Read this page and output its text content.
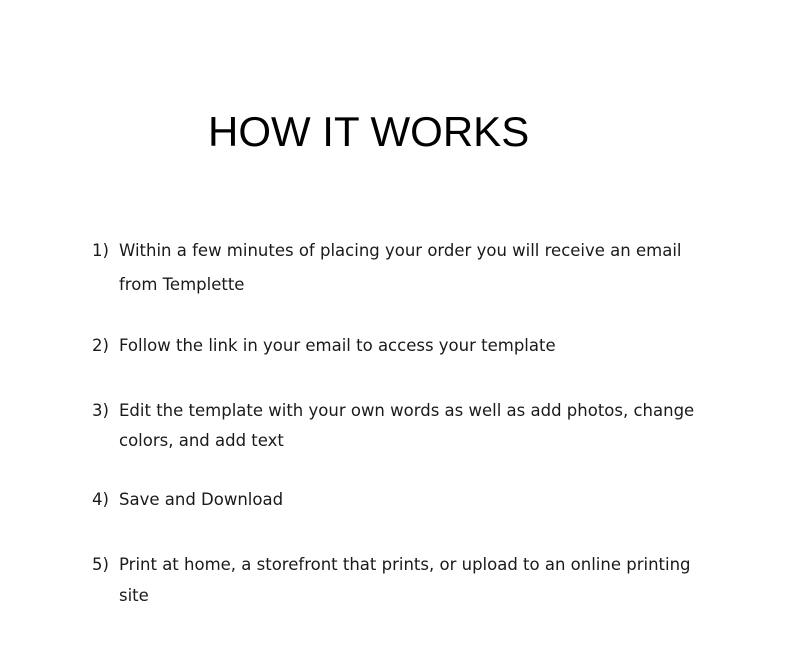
HOW IT WORKS
1) Within a few minutes of placing your order you will receive an email from Templette
2) Follow the link in your email to access your template
3) Edit the template with your own words as well as add photos, change colors, and add text
4) Save and Download
5) Print at home, a storefront that prints, or upload to an online printing site
